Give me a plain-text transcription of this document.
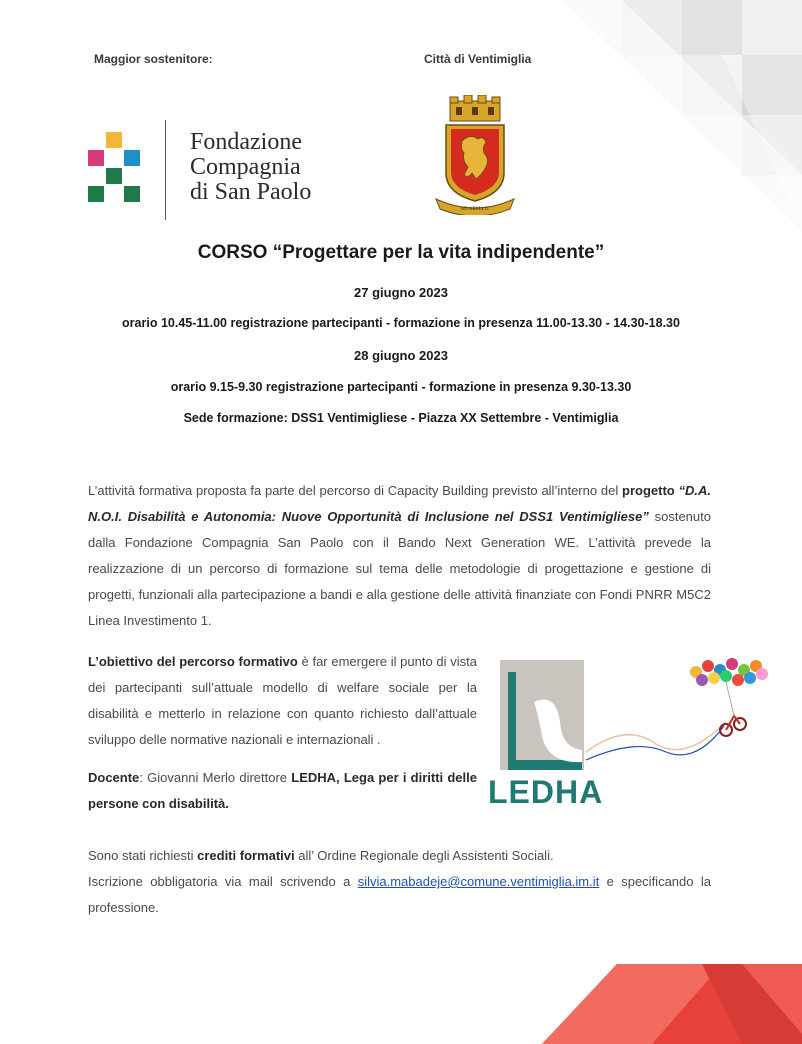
Maggior sostenitore:	Città di Ventimiglia
Fondazione
Compagnia
di San Paolo
AD ARMA IT
CORSO “Progettare per la vita indipendente”
27 giugno 2023
orario 10.45-11.00 registrazione partecipanti - formazione in presenza 11.00-13.30 - 14.30-18.30
28 giugno 2023
orario 9.15-9.30 registrazione partecipanti - formazione in presenza 9.30-13.30
Sede formazione: DSS1 Ventimigliese - Piazza XX Settembre - Ventimiglia
L’attività formativa proposta fa parte del percorso di Capacity Building previsto all’interno del progetto “D.A. N.O.I. Disabilità e Autonomia: Nuove Opportunità di Inclusione nel DSS1 Ventimigliese” sostenuto dalla Fondazione Compagnia San Paolo con il Bando Next Generation WE. L’attività prevede la realizzazione di un percorso di formazione sul tema delle metodologie di progettazione e gestione di progetti, funzionali alla partecipazione a bandi e alla gestione delle attività finanziate con Fondi PNRR M5C2 Linea Investimento 1.
L’obiettivo del percorso formativo è far emergere il punto di vista dei partecipanti sull’attuale modello di welfare sociale per la disabilità e metterlo in relazione con quanto richiesto dall’attuale sviluppo delle normative nazionali e internazionali .
Docente: Giovanni Merlo direttore LEDHA, Lega per i diritti delle persone con disabilità.	LEDHA
Sono stati richiesti crediti formativi all’ Ordine Regionale degli Assistenti Sociali.
Iscrizione obbligatoria via mail scrivendo a silvia.mabadeje@comune.ventimiglia.im.it e specificando la professione.
